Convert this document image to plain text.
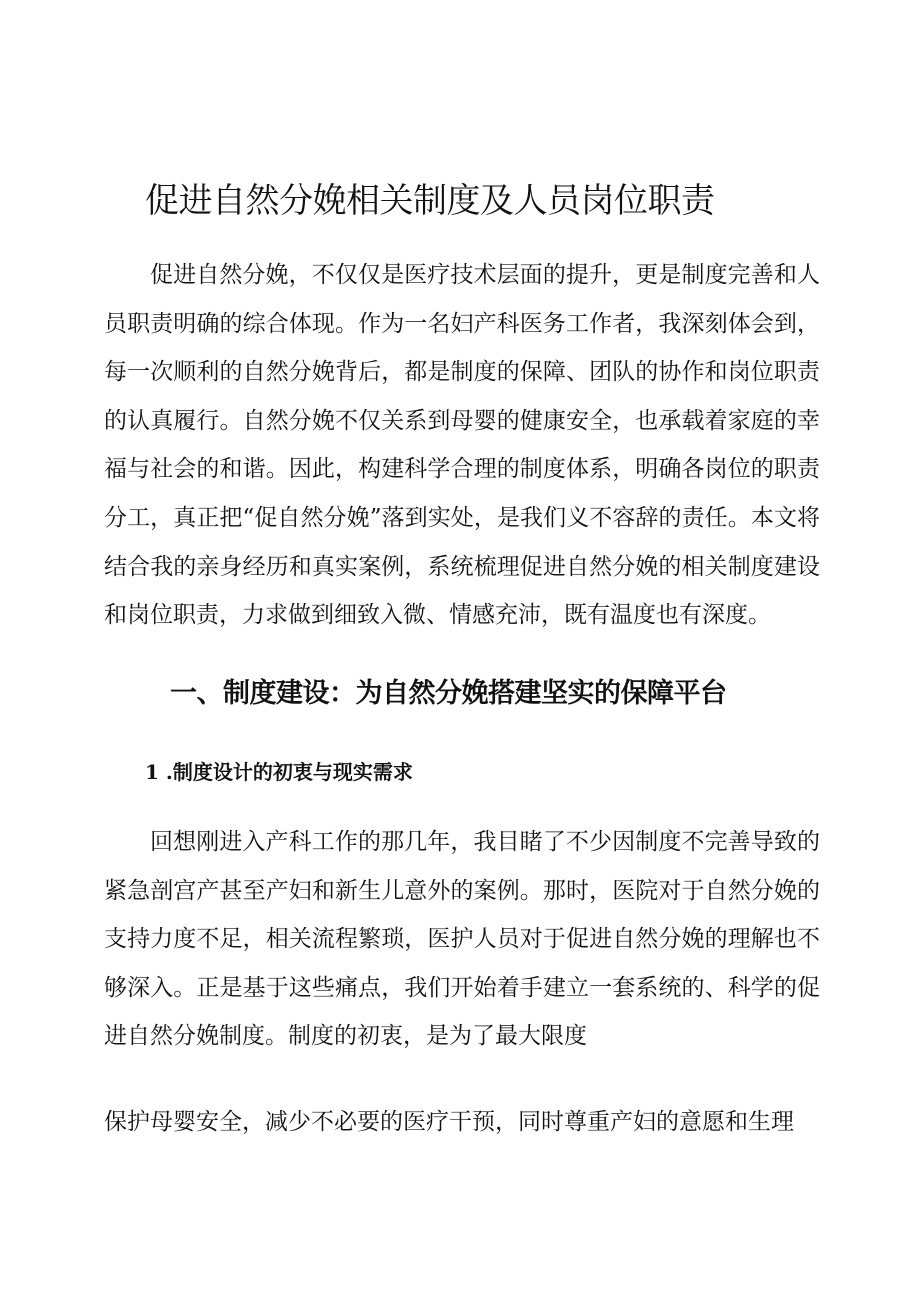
促进自然分娩相关制度及人员岗位职责

促进自然分娩，不仅仅是医疗技术层面的提升，更是制度完善和人员职责明确的综合体现。作为一名妇产科医务工作者，我深刻体会到，每一次顺利的自然分娩背后，都是制度的保障、团队的协作和岗位职责的认真履行。自然分娩不仅关系到母婴的健康安全，也承载着家庭的幸福与社会的和谐。因此，构建科学合理的制度体系，明确各岗位的职责分工，真正把“促自然分娩”落到实处，是我们义不容辞的责任。本文将结合我的亲身经历和真实案例，系统梳理促进自然分娩的相关制度建设和岗位职责，力求做到细致入微、情感充沛，既有温度也有深度。

一、制度建设：为自然分娩搭建坚实的保障平台
1 .制度设计的初衷与现实需求

回想刚进入产科工作的那几年，我目睹了不少因制度不完善导致的紧急剖宫产甚至产妇和新生儿意外的案例。那时，医院对于自然分娩的支持力度不足，相关流程繁琐，医护人员对于促进自然分娩的理解也不够深入。正是基于这些痛点，我们开始着手建立一套系统的、科学的促进自然分娩制度。制度的初衷，是为了最大限度

保护母婴安全，减少不必要的医疗干预，同时尊重产妇的意愿和生理
